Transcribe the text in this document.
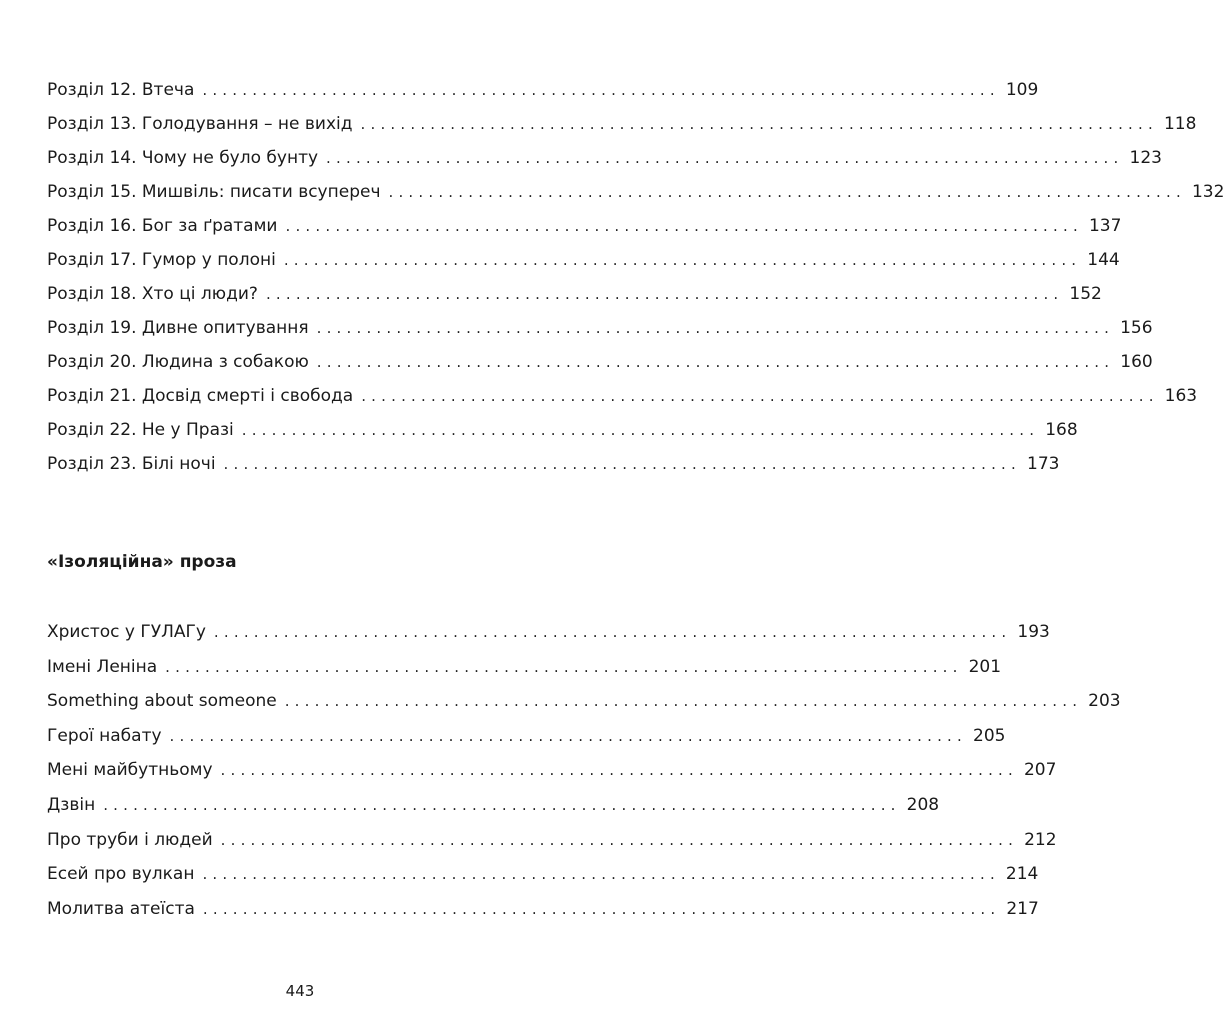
Розділ 12. Втеча ................................................................................ 109
Розділ 13. Голодування – не вихід ................................................................................ 118
Розділ 14. Чому не було бунту ................................................................................ 123
Розділ 15. Мишвіль: писати всупереч ................................................................................ 132
Розділ 16. Бог за ґратами ................................................................................ 137
Розділ 17. Гумор у полоні ................................................................................ 144
Розділ 18. Хто ці люди? ................................................................................ 152
Розділ 19. Дивне опитування ................................................................................ 156
Розділ 20. Людина з собакою ................................................................................ 160
Розділ 21. Досвід смерті і свобода ................................................................................ 163
Розділ 22. Не у Празі ................................................................................ 168
Розділ 23. Білі ночі ................................................................................ 173
«Ізоляційна» проза
Христос у ГУЛАГу ................................................................................ 193
Імені Леніна ................................................................................ 201
Something about someone ................................................................................ 203
Герої набату ................................................................................ 205
Мені майбутньому ................................................................................ 207
Дзвін ................................................................................ 208
Про труби і людей ................................................................................ 212
Есей про вулкан ................................................................................ 214
Молитва атеїста ................................................................................ 217
443
